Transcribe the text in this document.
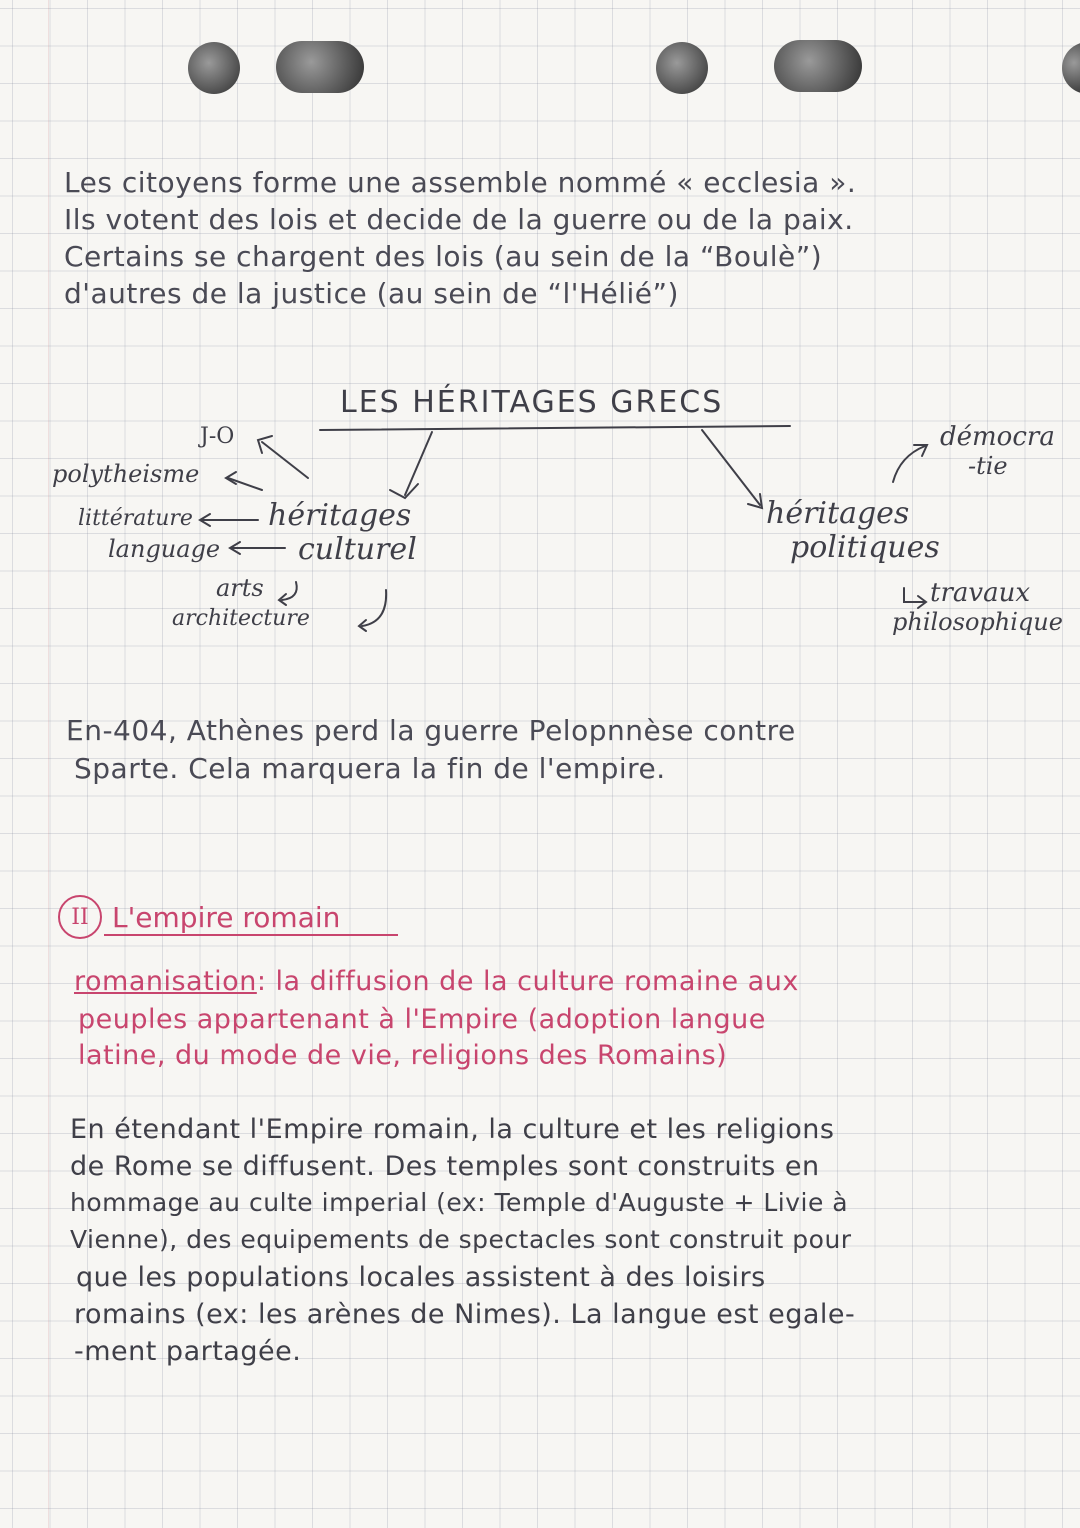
Les citoyens forme une assemble nommé « ecclesia ».
Ils votent des lois et decide de la guerre ou de la paix.
Certains se chargent des lois (au sein de la “Boulè”)
d'autres de la justice (au sein de “l'Hélié”)
LES HÉRITAGES GRECS
J-O
polytheisme
littérature
language
arts
architecture
héritages
culturel
héritages
politiques
démocra
-tie
travaux
philosophique
En-404, Athènes perd la guerre Pelopnnèse contre
Sparte. Cela marquera la fin de l'empire.
II L'empire romain
romanisation: la diffusion de la culture romaine aux
peuples appartenant à l'Empire (adoption langue
latine, du mode de vie, religions des Romains)
En étendant l'Empire romain, la culture et les religions
de Rome se diffusent. Des temples sont construits en
hommage au culte imperial (ex: Temple d'Auguste + Livie à
Vienne), des equipements de spectacles sont construit pour
que les populations locales assistent à des loisirs
romains (ex: les arènes de Nimes). La langue est egale-
-ment partagée.
